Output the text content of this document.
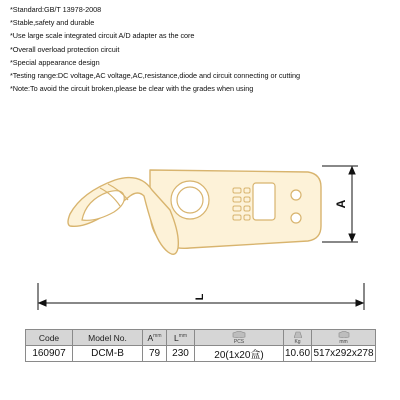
*Standard:GB/T 13978-2008
*Stable,safety and durable
*Use large scale integrated circuit A/D adapter as the core
*Overall overload protection circuit
*Special appearance design
*Testing range:DC voltage,AC voltage,AC,resistance,diode and circuit connecting or cutting
*Note:To avoid the circuit broken,please be clear with the grades when using
A
L
Code	Model No.	$A^{mm}$	$L^{mm}$	PCS	Kg	mm

160907	DCM-B	79	230	20(1x20盒)	10.60	517x292x278
